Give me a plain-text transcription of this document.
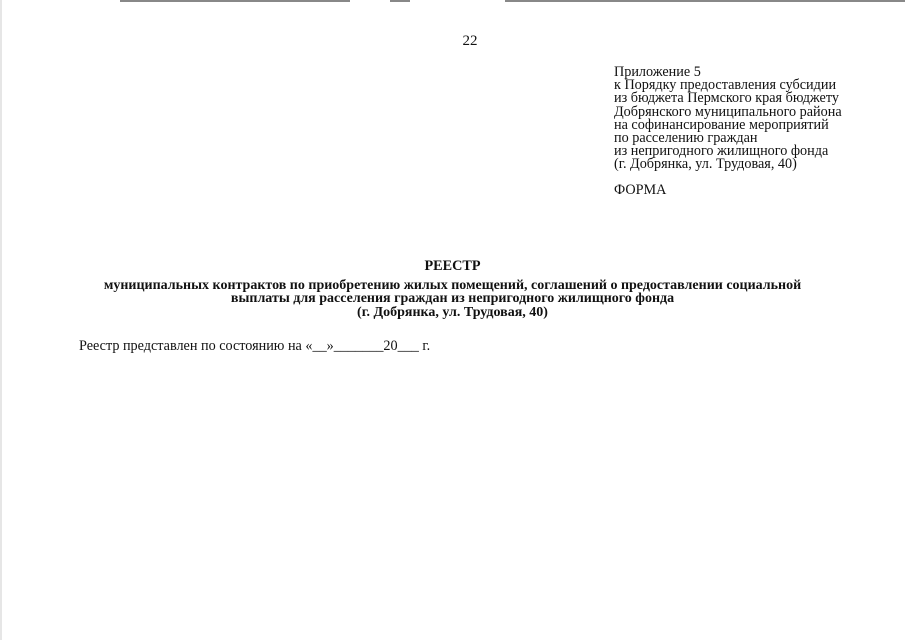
22
Приложение 5
к Порядку предоставления субсидии
из бюджета Пермского края бюджету
Добрянского муниципального района
на софинансирование мероприятий
по расселению граждан
из непригодного жилищного фонда
(г. Добрянка, ул. Трудовая, 40)
ФОРМА
РЕЕСТР
муниципальных контрактов по приобретению жилых помещений, соглашений о предоставлении социальной
выплаты для расселения граждан из непригодного жилищного фонда
(г. Добрянка, ул. Трудовая, 40)
Реестр представлен по состоянию на «__»_______20___ г.
